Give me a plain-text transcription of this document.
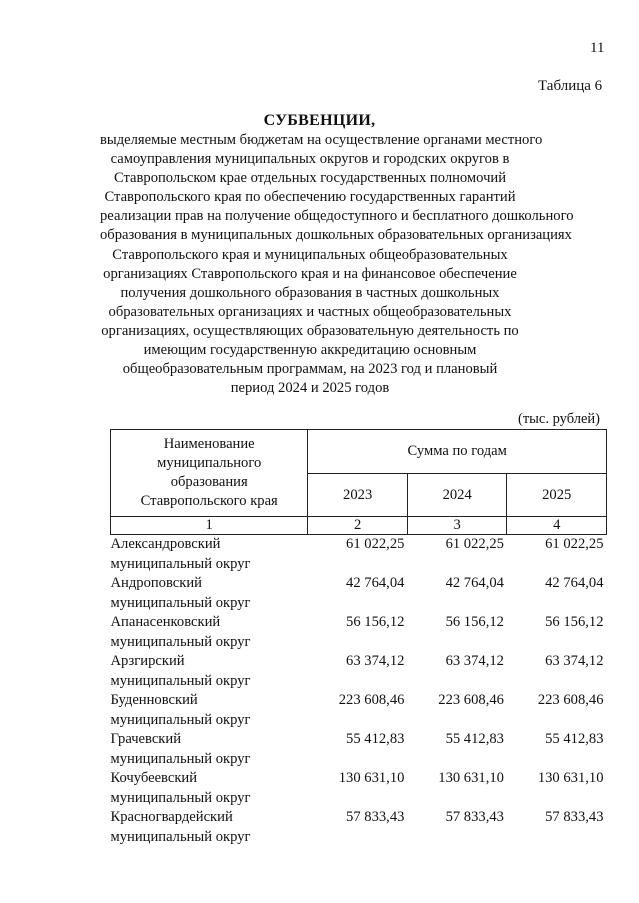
11
Таблица 6
СУБВЕНЦИИ,
выделяемые местным бюджетам на осуществление органами местного
самоуправления муниципальных округов и городских округов в
Ставропольском крае отдельных государственных полномочий
Ставропольского края по обеспечению государственных гарантий
реализации прав на получение общедоступного и бесплатного дошкольного
образования в муниципальных дошкольных образовательных организациях
Ставропольского края и муниципальных общеобразовательных
организациях Ставропольского края и на финансовое обеспечение
получения дошкольного образования в частных дошкольных
образовательных организациях и частных общеобразовательных
организациях, осуществляющих образовательную деятельность по
имеющим государственную аккредитацию основным
общеобразовательным программам, на 2023 год и плановый
период 2024 и 2025 годов
(тыс. рублей)
Наименование
муниципального
образования
Ставропольского края	Сумма по годам		
	2023	2024	2025
1	2	3	4

Александровский
муниципальный округ	61 022,25	61 022,25	61 022,25

Андроповский
муниципальный округ	42 764,04	42 764,04	42 764,04

Апанасенковский
муниципальный округ	56 156,12	56 156,12	56 156,12

Арзгирский
муниципальный округ	63 374,12	63 374,12	63 374,12

Буденновский
муниципальный округ	223 608,46	223 608,46	223 608,46

Грачевский
муниципальный округ	55 412,83	55 412,83	55 412,83

Кочубеевский
муниципальный округ	130 631,10	130 631,10	130 631,10

Красногвардейский
муниципальный округ	57 833,43	57 833,43	57 833,43
